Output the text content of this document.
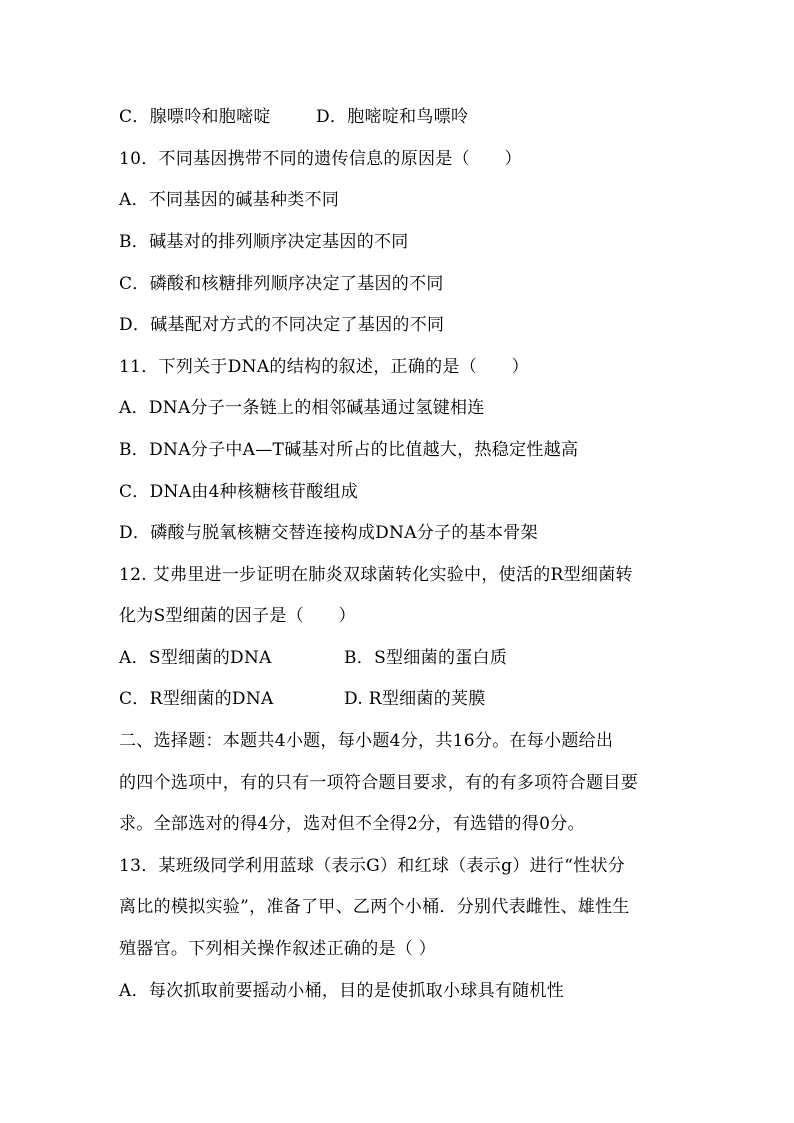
C．腺嘌呤和胞嘧啶	D．胞嘧啶和鸟嘌呤
10．不同基因携带不同的遗传信息的原因是（　　）
A．不同基因的碱基种类不同
B．碱基对的排列顺序决定基因的不同
C．磷酸和核糖排列顺序决定了基因的不同
D．碱基配对方式的不同决定了基因的不同
11．下列关于DNA的结构的叙述，正确的是（　　）
A．DNA分子一条链上的相邻碱基通过氢键相连
B．DNA分子中A—T碱基对所占的比值越大，热稳定性越高
C．DNA由4种核糖核苷酸组成
D．磷酸与脱氧核糖交替连接构成DNA分子的基本骨架
12. 艾弗里进一步证明在肺炎双球菌转化实验中，使活的R型细菌转
化为S型细菌的因子是（　　）
A．S型细菌的DNA	B．S型细菌的蛋白质
C．R型细菌的DNA	D. R型细菌的荚膜
二、选择题：本题共4小题，每小题4分，共16分。在每小题给出
的四个选项中，有的只有一项符合题目要求，有的有多项符合题目要
求。全部选对的得4分，选对但不全得2分，有选错的得0分。
13．某班级同学利用蓝球（表示G）和红球（表示g）进行“性状分
离比的模拟实验”，准备了甲、乙两个小桶．分别代表雌性、雄性生
殖器官。下列相关操作叙述正确的是（ ）
A．每次抓取前要摇动小桶，目的是使抓取小球具有随机性
